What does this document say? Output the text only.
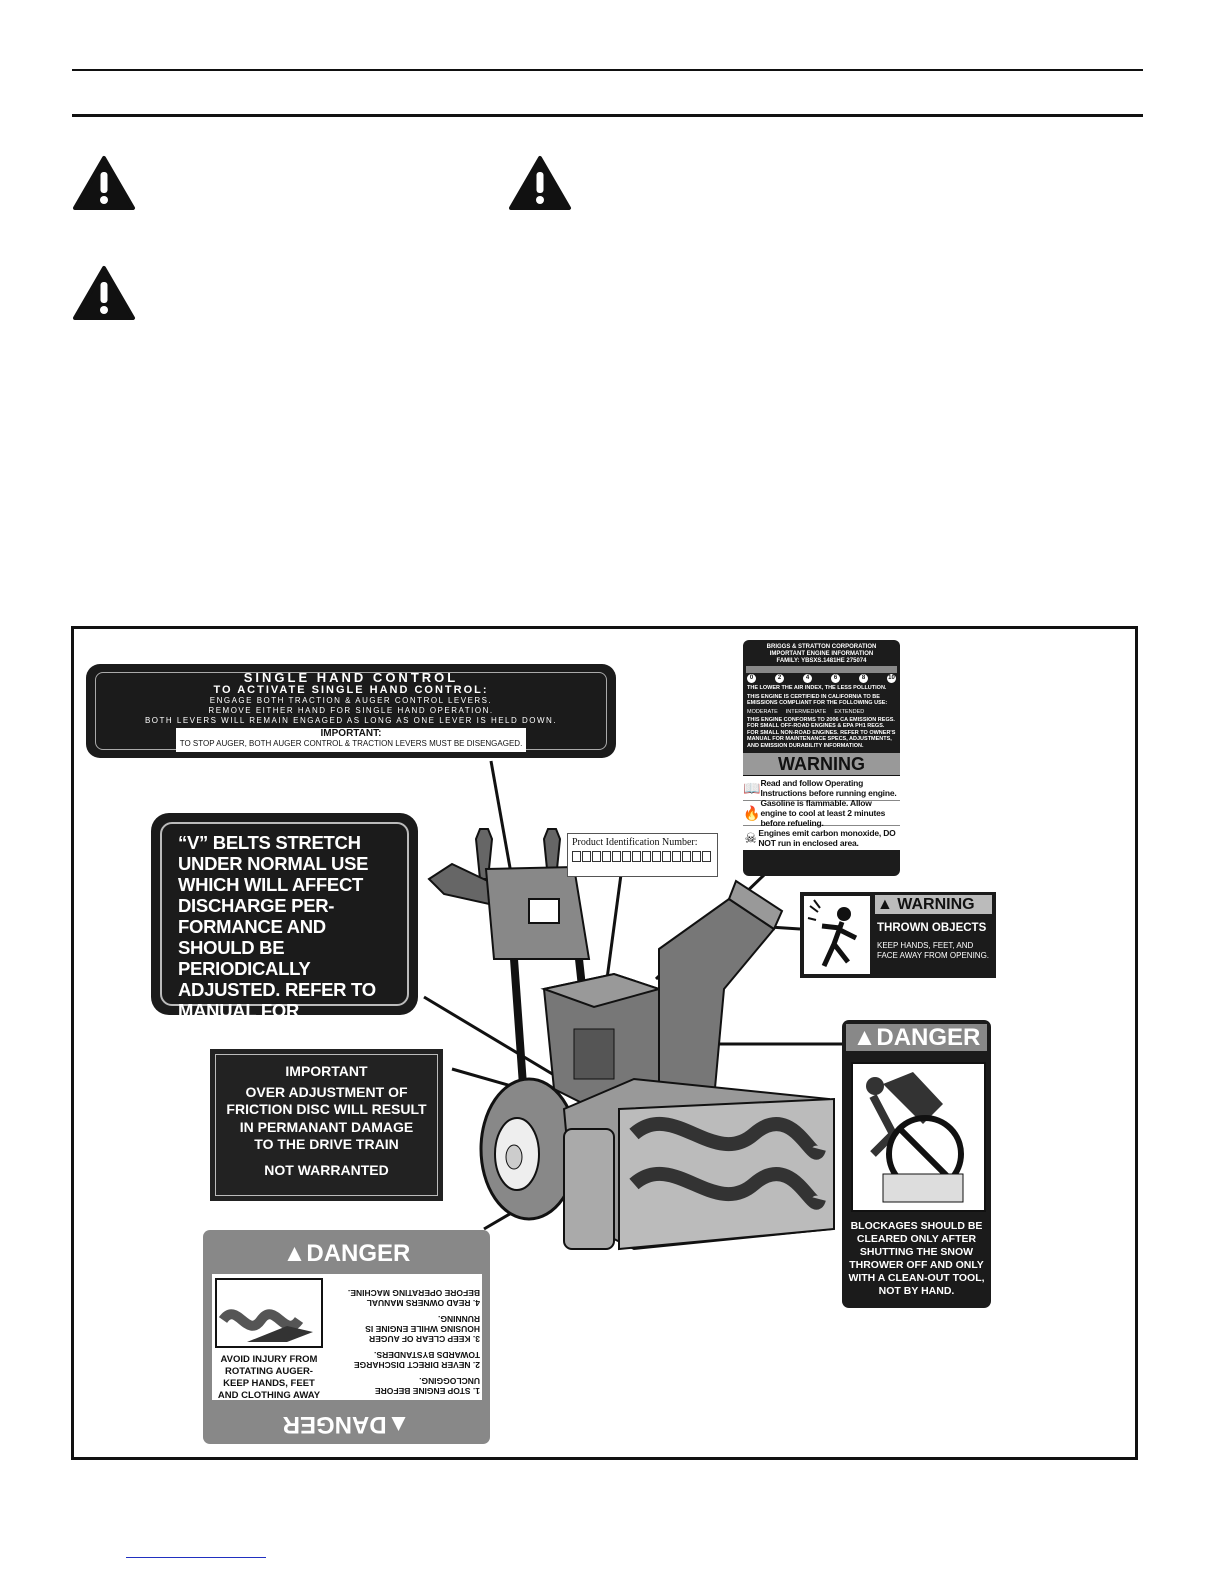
SINGLE HAND CONTROL
TO ACTIVATE SINGLE HAND CONTROL:
ENGAGE BOTH TRACTION & AUGER CONTROL LEVERS.
REMOVE EITHER HAND FOR SINGLE HAND OPERATION.
BOTH LEVERS WILL REMAIN ENGAGED AS LONG AS ONE LEVER IS HELD DOWN.
IMPORTANT:
TO STOP AUGER, BOTH AUGER CONTROL & TRACTION LEVERS MUST BE DISENGAGED.
“V” BELTS STRETCH UNDER NORMAL USE WHICH WILL AFFECT DISCHARGE PER- FORMANCE AND SHOULD BE PERIODICALLY ADJUSTED. REFER TO MANUAL FOR INSTRUCTIONS.
IMPORTANT
OVER ADJUSTMENT OF
FRICTION DISC WILL RESULT
IN PERMANANT DAMAGE
TO THE DRIVE TRAIN
NOT WARRANTED
Product Identification Number:
BRIGGS & STRATTON CORPORATION
IMPORTANT ENGINE INFORMATION
FAMILY: YBSXS.1481HE 275074
0	2	4	6	8	10
THE LOWER THE AIR INDEX, THE LESS POLLUTION.
THIS ENGINE IS CERTIFIED IN CALIFORNIA TO BE EMISSIONS COMPLIANT FOR THE FOLLOWING USE:
MODERATE INTERMEDIATE EXTENDED
THIS ENGINE CONFORMS TO 2006 CA EMISSION REGS. FOR SMALL OFF-ROAD ENGINES & EPA PH1 REGS. FOR SMALL NON-ROAD ENGINES. REFER TO OWNER'S MANUAL FOR MAINTENANCE SPECS, ADJUSTMENTS, AND EMISSION DURABILITY INFORMATION.
WARNING
📖 Read and follow Operating Instructions before running engine.
🔥
Gasoline is flammable. Allow engine to cool at least 2 minutes before refueling.
☠ Engines emit carbon monoxide, DO NOT run in enclosed area.
▲ WARNING
THROWN OBJECTS
KEEP HANDS, FEET, AND FACE AWAY FROM OPENING.
▲DANGER
BLOCKAGES SHOULD BE CLEARED ONLY AFTER SHUTTING THE SNOW THROWER OFF AND ONLY WITH A CLEAN-OUT TOOL, NOT BY HAND.
▲DANGER
AVOID INJURY FROM ROTATING AUGER-KEEP HANDS, FEET AND CLOTHING AWAY	1. STOP ENGINE BEFORE UNCLOGGING.
2. NEVER DIRECT DISCHARGE TOWARDS BYSTANDERS.
3. KEEP CLEAR OF AUGER HOUSING WHILE ENGINE IS RUNNING.
4. READ OWNERS MANUAL BEFORE OPERATING MACHINE.
▲DANGER
